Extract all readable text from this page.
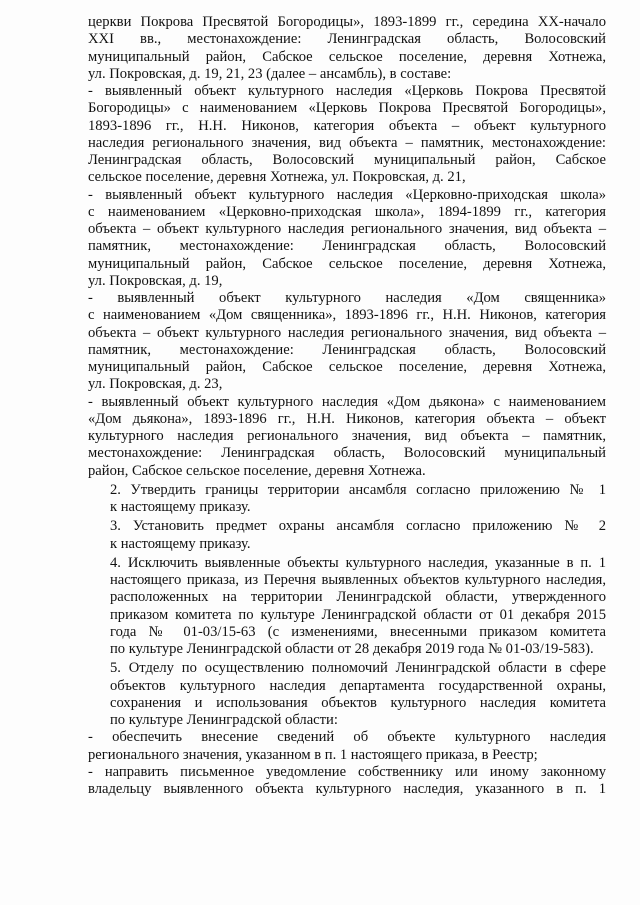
церкви Покрова Пресвятой Богородицы», 1893-1899 гг., середина XX-начало
XXI вв., местонахождение: Ленинградская область, Волосовский
муниципальный район, Сабское сельское поселение, деревня Хотнежа,
ул. Покровская, д. 19, 21, 23 (далее – ансамбль), в составе:

- выявленный объект культурного наследия «Церковь Покрова Пресвятой
Богородицы» с наименованием «Церковь Покрова Пресвятой Богородицы»,
1893-1896 гг., Н.Н. Никонов, категория объекта – объект культурного
наследия регионального значения, вид объекта – памятник, местонахождение:
Ленинградская область, Волосовский муниципальный район, Сабское
сельское поселение, деревня Хотнежа, ул. Покровская, д. 21,

- выявленный объект культурного наследия «Церковно-приходская школа»
с наименованием «Церковно-приходская школа», 1894-1899 гг., категория
объекта – объект культурного наследия регионального значения, вид объекта –
памятник, местонахождение: Ленинградская область, Волосовский
муниципальный район, Сабское сельское поселение, деревня Хотнежа,
ул. Покровская, д. 19,

- выявленный объект культурного наследия «Дом священника»
с наименованием «Дом священника», 1893-1896 гг., Н.Н. Никонов, категория
объекта – объект культурного наследия регионального значения, вид объекта –
памятник, местонахождение: Ленинградская область, Волосовский
муниципальный район, Сабское сельское поселение, деревня Хотнежа,
ул. Покровская, д. 23,

- выявленный объект культурного наследия «Дом дьякона» с наименованием
«Дом дьякона», 1893-1896 гг., Н.Н. Никонов, категория объекта – объект
культурного наследия регионального значения, вид объекта – памятник,
местонахождение: Ленинградская область, Волосовский муниципальный
район, Сабское сельское поселение, деревня Хотнежа.

2. Утвердить границы территории ансамбля согласно приложению № 1
к настоящему приказу.

3. Установить предмет охраны ансамбля согласно приложению № 2
к настоящему приказу.

4. Исключить выявленные объекты культурного наследия, указанные в п. 1
настоящего приказа, из Перечня выявленных объектов культурного наследия,
расположенных на территории Ленинградской области, утвержденного
приказом комитета по культуре Ленинградской области от 01 декабря 2015
года № 01-03/15-63 (с изменениями, внесенными приказом комитета
по культуре Ленинградской области от 28 декабря 2019 года № 01-03/19-583).

5. Отделу по осуществлению полномочий Ленинградской области в сфере
объектов культурного наследия департамента государственной охраны,
сохранения и использования объектов культурного наследия комитета
по культуре Ленинградской области:

- обеспечить внесение сведений об объекте культурного наследия
регионального значения, указанном в п. 1 настоящего приказа, в Реестр;

- направить письменное уведомление собственнику или иному законному
владельцу выявленного объекта культурного наследия, указанного в п. 1
